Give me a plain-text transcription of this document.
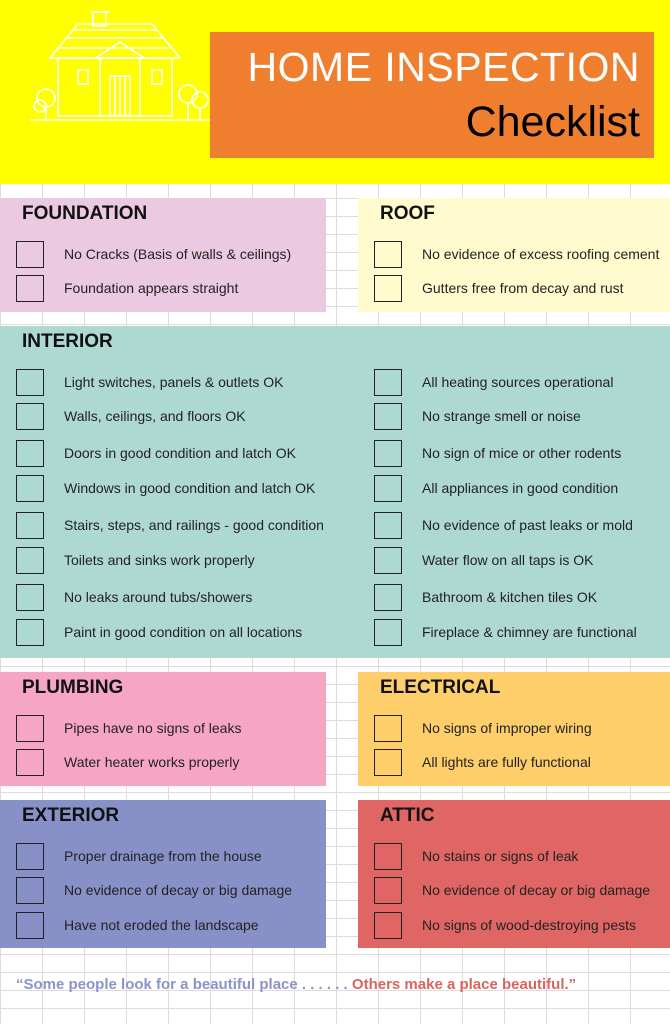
HOME INSPECTION
Checklist
FOUNDATION
No Cracks (Basis of walls & ceilings)
Foundation appears straight
ROOF
No evidence of excess roofing cement
Gutters free from decay and rust
INTERIOR
Light switches, panels & outlets OK
Walls, ceilings, and floors OK
Doors in good condition and latch OK
Windows in good condition and latch OK
Stairs, steps, and railings - good condition
Toilets and sinks work properly
No leaks around tubs/showers
Paint in good condition on all locations
All heating sources operational
No strange smell or noise
No sign of mice or other rodents
All appliances in good condition
No evidence of past leaks or mold
Water flow on all taps is OK
Bathroom & kitchen tiles OK
Fireplace & chimney are functional
PLUMBING
Pipes have no signs of leaks
Water heater works properly
ELECTRICAL
No signs of improper wiring
All lights are fully functional
EXTERIOR
Proper drainage from the house
No evidence of decay or big damage
Have not eroded the landscape
ATTIC
No stains or signs of leak
No evidence of decay or big damage
No signs of wood-destroying pests
“Some people look for a beautiful place . . . . . . Others make a place beautiful.”
